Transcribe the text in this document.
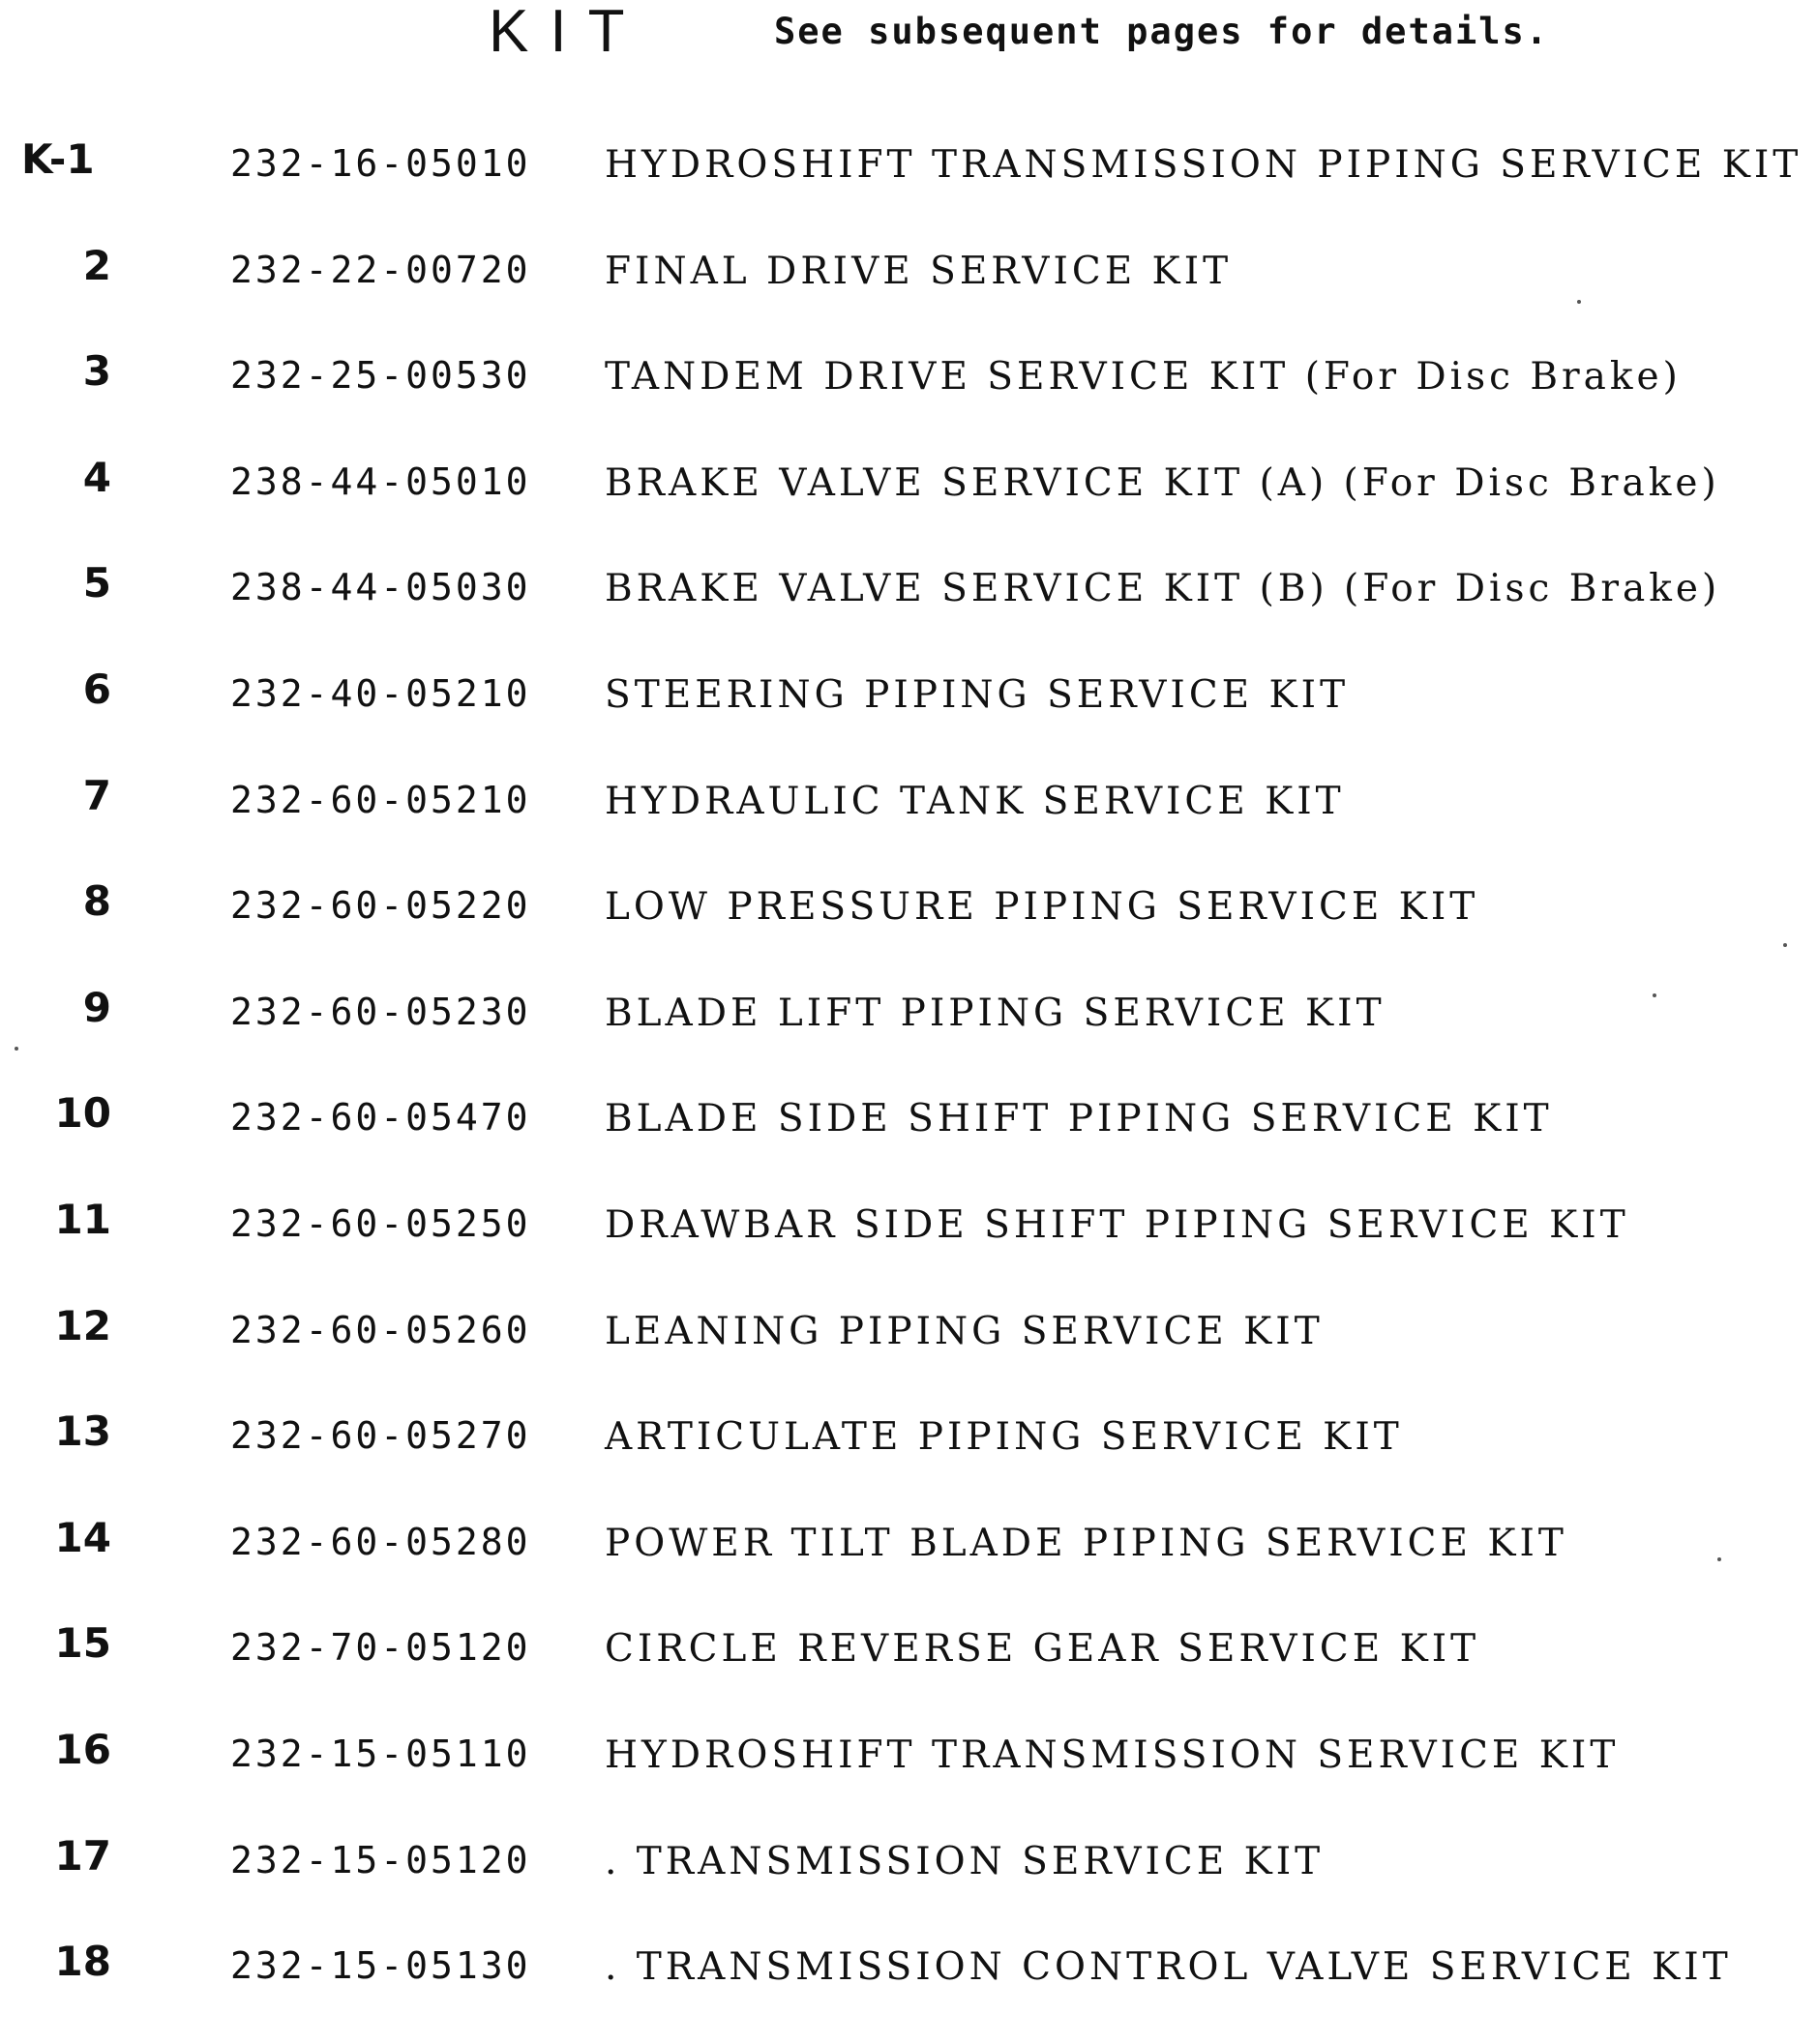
KIT	See subsequent pages for details.
K-1	232-16-05010 HYDROSHIFT TRANSMISSION PIPING SERVICE KIT
2	232-22-00720 FINAL DRIVE SERVICE KIT
3	232-25-00530 TANDEM DRIVE SERVICE KIT (For Disc Brake)
4	238-44-05010 BRAKE VALVE SERVICE KIT (A) (For Disc Brake)
5	238-44-05030 BRAKE VALVE SERVICE KIT (B) (For Disc Brake)
6	232-40-05210 STEERING PIPING SERVICE KIT
7	232-60-05210 HYDRAULIC TANK SERVICE KIT
8	232-60-05220 LOW PRESSURE PIPING SERVICE KIT
9	232-60-05230 BLADE LIFT PIPING SERVICE KIT
10	232-60-05470 BLADE SIDE SHIFT PIPING SERVICE KIT
11	232-60-05250 DRAWBAR SIDE SHIFT PIPING SERVICE KIT
12	232-60-05260 LEANING PIPING SERVICE KIT
13	232-60-05270 ARTICULATE PIPING SERVICE KIT
14	232-60-05280 POWER TILT BLADE PIPING SERVICE KIT
15	232-70-05120 CIRCLE REVERSE GEAR SERVICE KIT
16	232-15-05110 HYDROSHIFT TRANSMISSION SERVICE KIT
17	232-15-05120 . TRANSMISSION SERVICE KIT
18	232-15-05130 . TRANSMISSION CONTROL VALVE SERVICE KIT
